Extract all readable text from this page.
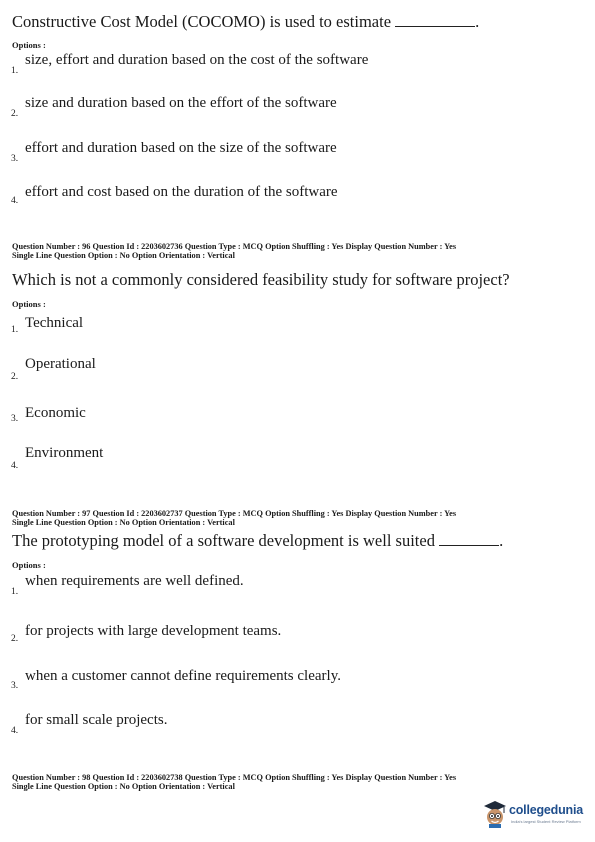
Constructive Cost Model (COCOMO) is used to estimate	.
Options :
size, effort and duration based on the cost of the software
1.
size and duration based on the effort of the software
2.
effort and duration based on the size of the software
3.
effort and cost based on the duration of the software
4.
Question Number : 96 Question Id : 2203602736 Question Type : MCQ Option Shuffling : Yes Display Question Number : Yes
Single Line Question Option : No Option Orientation : Vertical
Which is not a commonly considered feasibility study for software project?
Options :
Technical
1.
Operational
2.
Economic
3.
Environment
4.
Question Number : 97 Question Id : 2203602737 Question Type : MCQ Option Shuffling : Yes Display Question Number : Yes
Single Line Question Option : No Option Orientation : Vertical
The prototyping model of a software development is well suited	.
Options :
when requirements are well defined.
1.
for projects with large development teams.
2.
when a customer cannot define requirements clearly.
3.
for small scale projects.
4.
Question Number : 98 Question Id : 2203602738 Question Type : MCQ Option Shuffling : Yes Display Question Number : Yes
Single Line Question Option : No Option Orientation : Vertical
collegedunia
India's largest Student Review Platform
